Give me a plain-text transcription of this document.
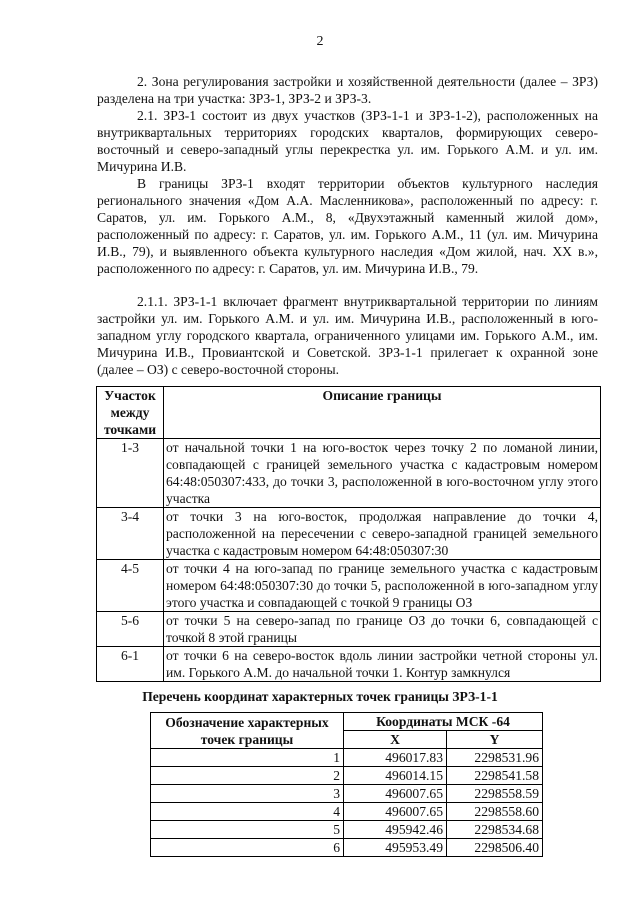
2

2. Зона регулирования застройки и хозяйственной деятельности (далее – ЗРЗ) разделена на три участка: ЗРЗ-1, ЗРЗ-2 и ЗРЗ-3.

2.1. ЗРЗ-1 состоит из двух участков (ЗРЗ-1-1 и ЗРЗ-1-2), расположенных на внутриквартальных территориях городских кварталов, формирующих северо-восточный и северо-западный углы перекрестка ул. им. Горького А.М. и ул. им. Мичурина И.В.

В границы ЗРЗ-1 входят территории объектов культурного наследия регионального значения «Дом А.А. Масленникова», расположенный по адресу: г. Саратов, ул. им. Горького А.М., 8, «Двухэтажный каменный жилой дом», расположенный по адресу: г. Саратов, ул. им. Горького А.М., 11 (ул. им. Мичурина И.В., 79), и выявленного объекта культурного наследия «Дом жилой, нач. ХХ в.», расположенного по адресу: г. Саратов, ул. им. Мичурина И.В., 79.

2.1.1. ЗРЗ-1-1 включает фрагмент внутриквартальной территории по линиям застройки ул. им. Горького А.М. и ул. им. Мичурина И.В., расположенный в юго-западном углу городского квартала, ограниченного улицами им. Горького А.М., им. Мичурина И.В., Провиантской и Советской. ЗРЗ-1-1 прилегает к охранной зоне (далее – ОЗ) с северо-восточной стороны.

Участок между точками	Описание границы
1-3	от начальной точки 1 на юго-восток через точку 2 по ломаной линии, совпадающей с границей земельного участка с кадастровым номером 64:48:050307:433, до точки 3, расположенной в юго-восточном углу этого участка
3-4	от точки 3 на юго-восток, продолжая направление до точки 4, расположенной на пересечении с северо-западной границей земельного участка с кадастровым номером 64:48:050307:30
4-5	от точки 4 на юго-запад по границе земельного участка с кадастровым номером 64:48:050307:30 до точки 5, расположенной в юго-западном углу этого участка и совпадающей с точкой 9 границы ОЗ
5-6	от точки 5 на северо-запад по границе ОЗ до точки 6, совпадающей с точкой 8 этой границы
6-1	от точки 6 на северо-восток вдоль линии застройки четной стороны ул. им. Горького А.М. до начальной точки 1. Контур замкнулся
Перечень координат характерных точек границы ЗРЗ-1-1
Обозначение характерных точек границы	Координаты МСК -64	
	X	Y
1	496017.83	2298531.96
2	496014.15	2298541.58
3	496007.65	2298558.59
4	496007.65	2298558.60
5	495942.46	2298534.68
6	495953.49	2298506.40
